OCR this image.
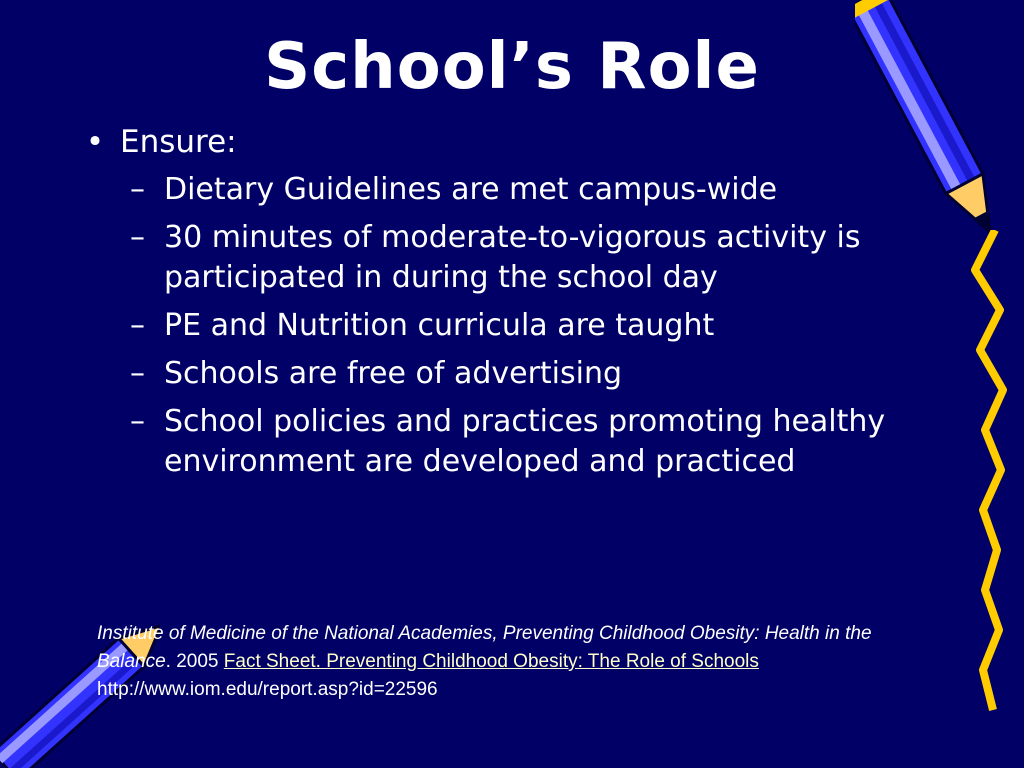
School’s Role
• Ensure:
– Dietary Guidelines are met campus-wide
– 30 minutes of moderate-to-vigorous activity is participated in during the school day
– PE and Nutrition curricula are taught
– Schools are free of advertising
– School policies and practices promoting healthy environment are developed and practiced
Institute of Medicine of the National Academies, Preventing Childhood Obesity: Health in the Balance. 2005 Fact Sheet. Preventing Childhood Obesity: The Role of Schools http://www.iom.edu/report.asp?id=22596
